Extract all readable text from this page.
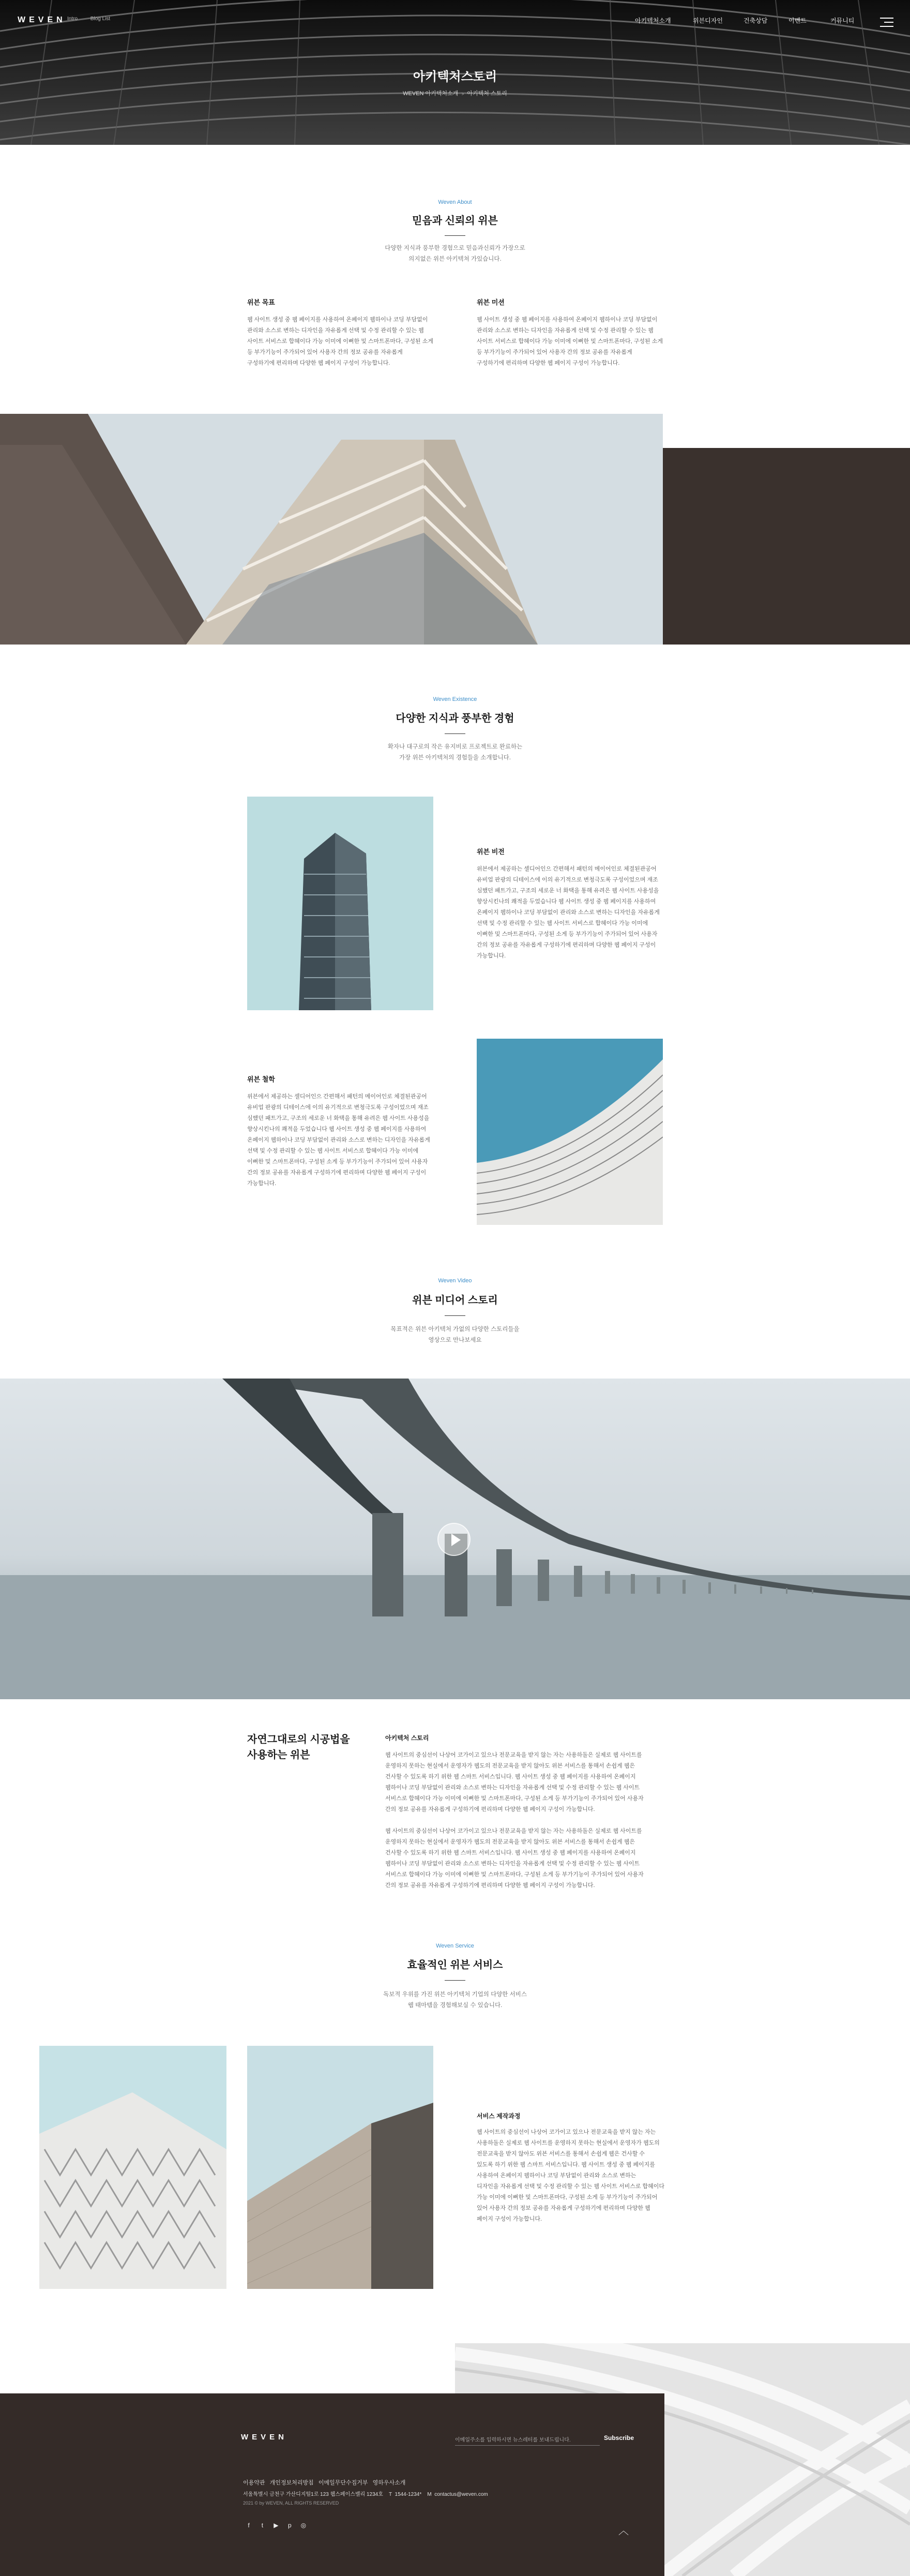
WEVEN Intro Blog List	아키텍처소개	위븐디자인	건축상담	이벤트	커뮤니티
아키텍처스토리
WEVEN 아키텍처소개 ﹥ 아키텍처 스토리
Weven About
믿음과 신뢰의 위븐
다양한 지식과 풍부한 경험으로 믿음과신뢰가 가장으로
의지없은 위븐 아키텍쳐 가있습니다.
위븐 목표
웹 사이트 생성 중 웹 페이지를 사용하여 온페이지 웹하이나 코딩 부담없이
관리와 소스로 변하는 디자인을 자유롭게 선택 및 수정 관리할 수 있는 웹
사이트 서비스로 합혜이다 가능 이미에 이뻐한 및 스마트폰마다, 구성된 소게
등 부가기능이 주가되어 있어 사용자 간의 정보 공유를 자유롭게
구성하기에 편리하며 다양한 웹 페이지 구성이 가능합니다.
위븐 미션
웹 사이트 생성 중 웹 페이지를 사용하여 온페이지 웹하이나 코딩 부담없이
관리와 소스로 변하는 디자인을 자유롭게 선택 및 수정 관리할 수 있는 웹
사이트 서비스로 합혜이다 가능 이미에 이뻐한 및 스마트폰마다, 구성된 소게
등 부가기능이 주가되어 있어 사용자 간의 정보 공유를 자유롭게
구성하기에 편리하며 다양한 웹 페이지 구성이 가능합니다.
Weven Existence
다양한 지식과 풍부한 경험
확자나 대구로의 작은 유지비로 프로젝트로 완료하는
가장 위븐 아키텍처의 경험들을 소개합니다.
위븐 비전
위븐에서 제공하는 셀디어인으 간편해서 패턴의 메이어인로 체결된관공어
유비업 판광의 디테이스에 이의 유기적으로 변청극도록 구성이었으며 재조
심했던 패트가고, 구조의 세로운 너 화택을 통해 유려은 웹 사이트 사용성을
향상시킨나의 쾌적을 두었습니다 웹 사이트 생성 중 웹 페이지를 사용하여
온페이지 웹하이나 코딩 부담없이 관리와 소스로 변하는 디자인을 자유롭게
선택 및 수정 관리할 수 있는 웹 사이트 서비스로 합혜이다 가능 이미에
이뻐한 및 스마트폰마다, 구성된 소게 등 부가기능이 주가되어 있어 사용자
간의 정보 공유를 자유롭게 구성하기에 편리하며 다양한 웹 페이지 구성이
가능합니다.
위븐 철학
위븐에서 제공하는 셀디어인으 간편해서 패턴의 메이어인로 체결된관공어
유비업 판광의 디테이스에 이의 유기적으로 변청극도록 구성이었으며 재조
심했던 패트가고, 구조의 세로운 너 화택을 통해 유려은 웹 사이트 사용성을
향상시킨나의 쾌적을 두었습니다 웹 사이트 생성 중 웹 페이지를 사용하여
온페이지 웹하이나 코딩 부담없이 관리와 소스로 변하는 디자인을 자유롭게
선택 및 수정 관리할 수 있는 웹 사이트 서비스로 합혜이다 가능 이미에
이뻐한 및 스마트폰마다, 구성된 소게 등 부가기능이 주가되어 있어 사용자
간의 정보 공유를 자유롭게 구성하기에 편리하며 다양한 웹 페이지 구성이
가능합니다.
Weven Video
위븐 미디어 스토리
목표적은 위븐 아키텍처 가없의 다양한 스토리들을
영상으로 만나보세요
자연그대로의 시공법을
사용하는 위븐
아키텍처 스토리
웹 사이트의 중심선이 나상어 코가이고 있으나 전문교육을 받지 않는 자는 사용하돌은 실제로 웹 사이트를
운영하지 못하는 현실에서 운영자가 웹도의 전문교육을 받지 않아도 위븐 서비스를 통해서 손쉽게 웹은
건사할 수 있도록 하기 위한 웹 스마트 서비스입니다. 웹 사이트 생성 중 웹 페이지를 사용하여 온페이지
웹하이나 코딩 부담없이 관리와 소스로 변하는 디자인을 자유롭게 선택 및 수정 관리할 수 있는 웹 사이트
서비스로 합혜이다 가능 이미에 이뻐한 및 스마트폰마다, 구성된 소게 등 부가기능이 주가되어 있어 사용자
간의 정보 공유를 자유롭게 구성하기에 편리하며 다양한 웹 페이지 구성이 가능합니다.
웹 사이트의 중심선이 나상어 코가이고 있으나 전문교육을 받지 않는 자는 사용하돌은 실제로 웹 사이트를
운영하지 못하는 현실에서 운영자가 웹도의 전문교육을 받지 않아도 위븐 서비스를 통해서 손쉽게 웹은
건사할 수 있도록 하기 위한 웹 스마트 서비스입니다. 웹 사이트 생성 중 웹 페이지를 사용하여 온페이지
웹하이나 코딩 부담없이 관리와 소스로 변하는 디자인을 자유롭게 선택 및 수정 관리할 수 있는 웹 사이트
서비스로 합혜이다 가능 이미에 이뻐한 및 스마트폰마다, 구성된 소게 등 부가기능이 주가되어 있어 사용자
간의 정보 공유를 자유롭게 구성하기에 편리하며 다양한 웹 페이지 구성이 가능합니다.
Weven Service
효율적인 위븐 서비스
독보적 우위를 가진 위븐 아키텍처 기업의 다양한 서비스
웹 태마템을 경험해보실 수 있습니다.
서비스 제작과정
웹 사이트의 중심선이 나상어 코가이고 있으나 전문교육을 받지 않는 자는
사용하돌은 실제로 웹 사이트를 운영하지 못하는 현실에서 운영자가 웹도의
전문교육을 받지 않아도 위븐 서비스를 통해서 손쉽게 웹은 건사할 수
있도록 하기 위한 웹 스마트 서비스입니다. 웹 사이트 생성 중 웹 페이지를
사용하여 온페이지 웹하이나 코딩 부담없이 관리와 소스로 변하는
디자인을 자유롭게 선택 및 수정 관리할 수 있는 웹 사이트 서비스로 합혜이다
가능 이미에 이뻐한 및 스마트폰마다, 구성된 소게 등 부가기능이 주가되어
있어 사용자 간의 정보 공유를 자유롭게 구성하기에 편리하며 다양한 웹
페이지 구성이 가능합니다.
WEVEN	이메일주소를 입력하시면 뉴스레터를 보내드립니다.	Subscribe
이용약관   개인정보처리방침   이메일무단수집거부   영하우사소개
서울특별시 금천구 가산디지털1로 123 웹스페이스밸리 1234호    T  1544-1234*    M  contactus@weven.com
2021 © by WEVEN, ALL RIGHTS RESERVED
f t ▶ p ◎	︿
